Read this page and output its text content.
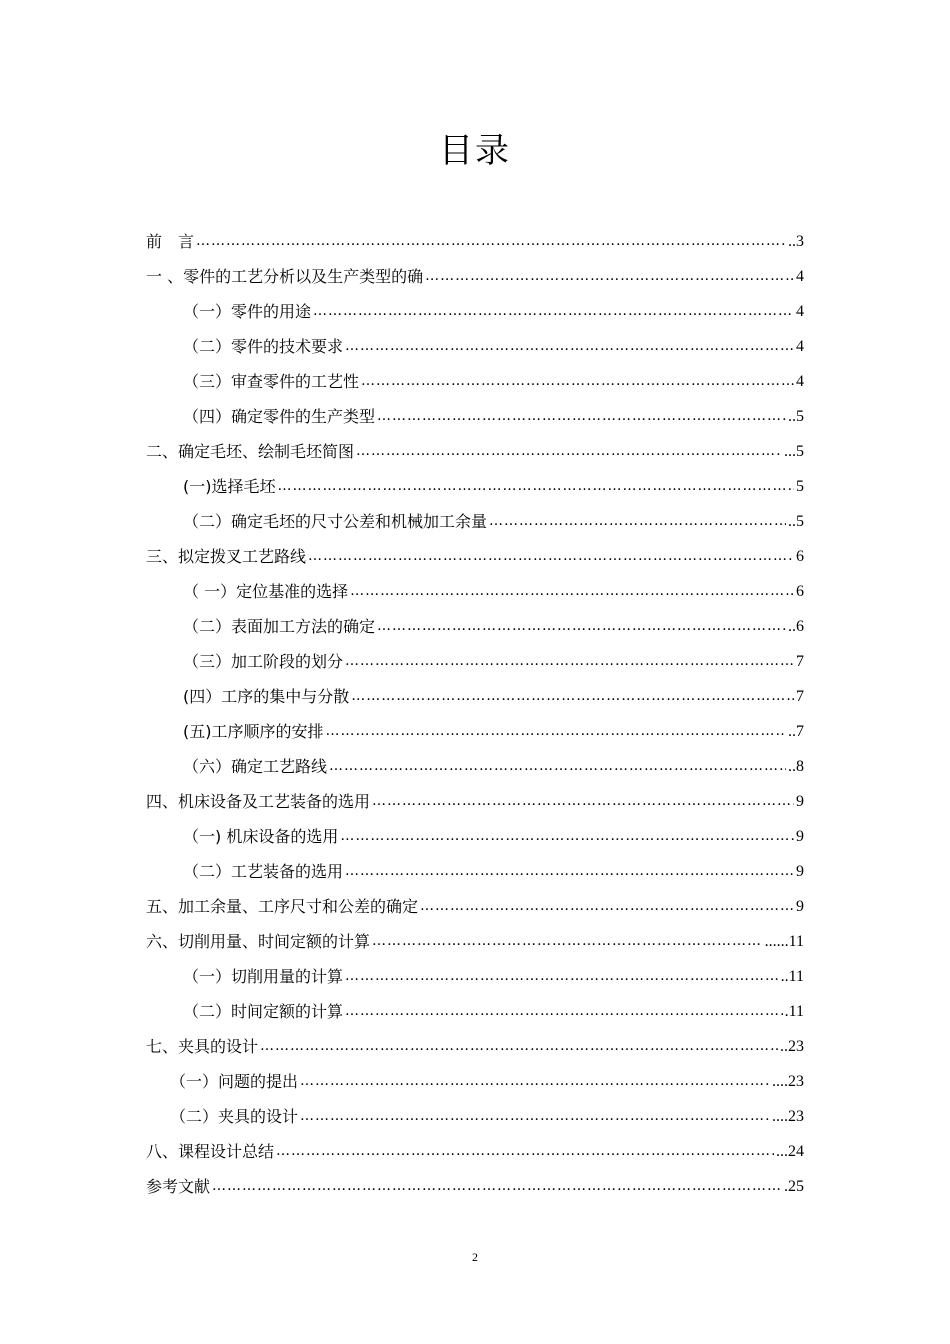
目录
前　言 …………………………………………………………………………………………………………………………………………………………………………	..3
一 、零件的工艺分析以及生产类型的确 …………………………………………………………………………………………………………………………………………………………………………	4
（一）零件的用途 …………………………………………………………………………………………………………………………………………………………………………	4
（二）零件的技术要求 …………………………………………………………………………………………………………………………………………………………………………	4
（三）审查零件的工艺性 …………………………………………………………………………………………………………………………………………………………………………	4
（四）确定零件的生产类型 …………………………………………………………………………………………………………………………………………………………………………	..5
二、确定毛坯、绘制毛坯简图 …………………………………………………………………………………………………………………………………………………………………………	...5
(一)选择毛坯 …………………………………………………………………………………………………………………………………………………………………………	5
（二）确定毛坯的尺寸公差和机械加工余量 …………………………………………………………………………………………………………………………………………………………………………	..5
三、拟定拨叉工艺路线 …………………………………………………………………………………………………………………………………………………………………………	6
（ 一）定位基准的选择 …………………………………………………………………………………………………………………………………………………………………………	6
（二）表面加工方法的确定 …………………………………………………………………………………………………………………………………………………………………………	..6
（三）加工阶段的划分 …………………………………………………………………………………………………………………………………………………………………………	7
(四）工序的集中与分散 …………………………………………………………………………………………………………………………………………………………………………	7
(五)工序顺序的安排 …………………………………………………………………………………………………………………………………………………………………………	..7
（六）确定工艺路线 …………………………………………………………………………………………………………………………………………………………………………	..8
四、机床设备及工艺装备的选用 …………………………………………………………………………………………………………………………………………………………………………	9
（一) 机床设备的选用 …………………………………………………………………………………………………………………………………………………………………………	9
（二）工艺装备的选用 …………………………………………………………………………………………………………………………………………………………………………	9
五、加工余量、工序尺寸和公差的确定 …………………………………………………………………………………………………………………………………………………………………………	9
六、切削用量、时间定额的计算 …………………………………………………………………………………………………………………………………………………………………………	......11
（一）切削用量的计算 …………………………………………………………………………………………………………………………………………………………………………	..11
（二）时间定额的计算 …………………………………………………………………………………………………………………………………………………………………………	.11
七、夹具的设计 …………………………………………………………………………………………………………………………………………………………………………	..23
（一）问题的提出 …………………………………………………………………………………………………………………………………………………………………………	....23
（二）夹具的设计 …………………………………………………………………………………………………………………………………………………………………………	....23
八、课程设计总结 …………………………………………………………………………………………………………………………………………………………………………	...24
参考文献 …………………………………………………………………………………………………………………………………………………………………………	.25
2
